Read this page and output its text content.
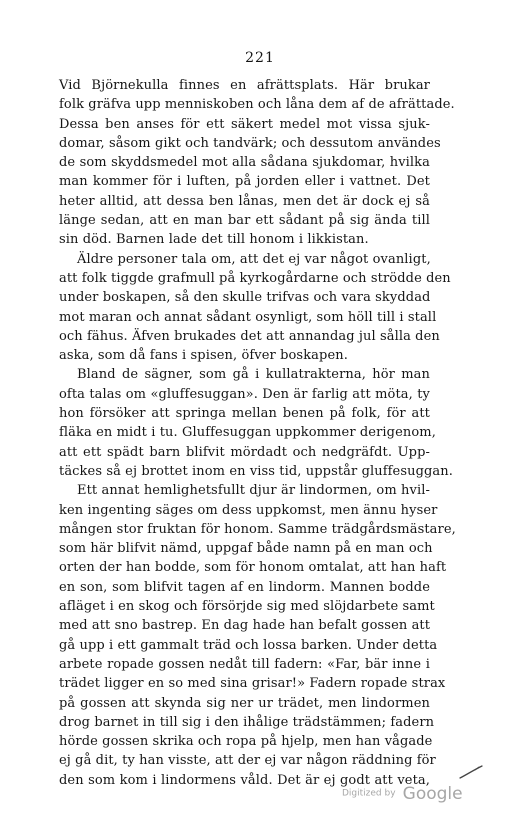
221
Vid Björnekulla finnes en afrättsplats. Här brukar
folk gräfva upp menniskoben och låna dem af de afrättade.
Dessa ben anses för ett säkert medel mot vissa sjuk-
domar, såsom gikt och tandvärk; och dessutom användes
de som skyddsmedel mot alla sådana sjukdomar, hvilka
man kommer för i luften, på jorden eller i vattnet. Det
heter alltid, att dessa ben lånas, men det är dock ej så
länge sedan, att en man bar ett sådant på sig ända till
sin död. Barnen lade det till honom i likkistan.
Äldre personer tala om, att det ej var något ovanligt,
att folk tiggde grafmull på kyrkogårdarne och strödde den
under boskapen, så den skulle trifvas och vara skyddad
mot maran och annat sådant osynligt, som höll till i stall
och fähus. Äfven brukades det att annandag jul sålla den
aska, som då fans i spisen, öfver boskapen.
Bland de sägner, som gå i kullatrakterna, hör man
ofta talas om «gluffesuggan». Den är farlig att möta, ty
hon försöker att springa mellan benen på folk, för att
fläka en midt i tu. Gluffesuggan uppkommer derigenom,
att ett spädt barn blifvit mördadt och nedgräfdt. Upp-
täckes så ej brottet inom en viss tid, uppstår gluffesuggan.
Ett annat hemlighetsfullt djur är lindormen, om hvil-
ken ingenting säges om dess uppkomst, men ännu hyser
mången stor fruktan för honom. Samme trädgårdsmästare,
som här blifvit nämd, uppgaf både namn på en man och
orten der han bodde, som för honom omtalat, att han haft
en son, som blifvit tagen af en lindorm. Mannen bodde
afläget i en skog och försörjde sig med slöjdarbete samt
med att sno bastrep. En dag hade han befalt gossen att
gå upp i ett gammalt träd och lossa barken. Under detta
arbete ropade gossen nedåt till fadern: «Far, bär inne i
trädet ligger en so med sina grisar!» Fadern ropade strax
på gossen att skynda sig ner ur trädet, men lindormen
drog barnet in till sig i den ihålige trädstämmen; fadern
hörde gossen skrika och ropa på hjelp, men han vågade
ej gå dit, ty han visste, att der ej var någon räddning för
den som kom i lindormens våld. Det är ej godt att veta,
Digitized by Google
